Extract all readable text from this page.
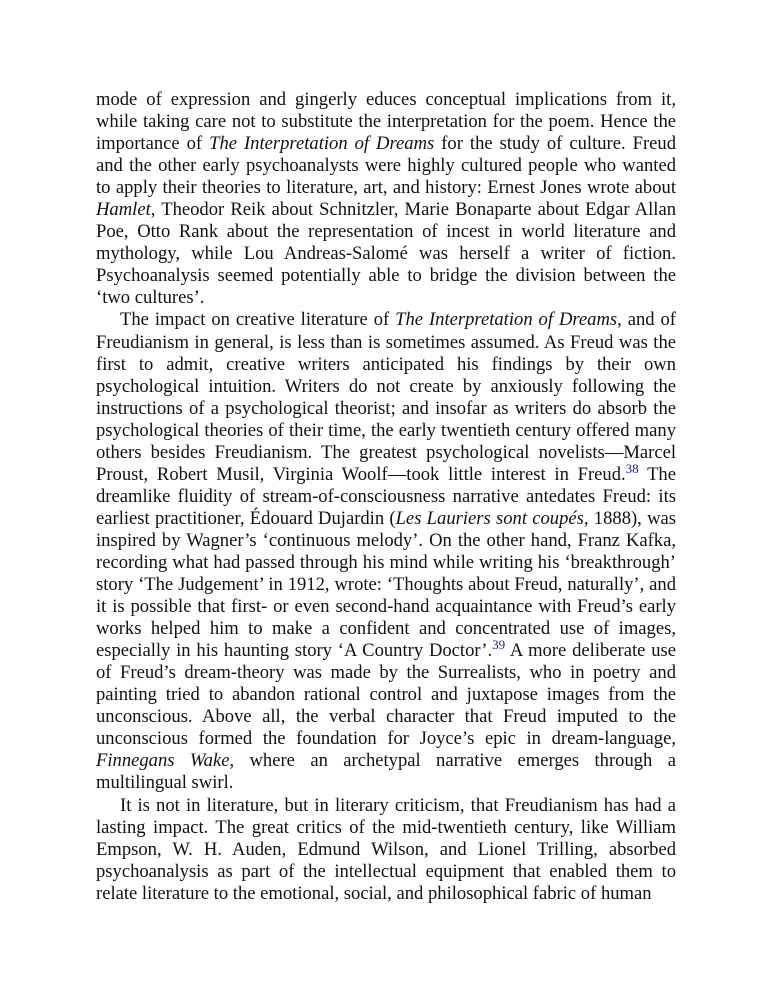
mode of expression and gingerly educes conceptual implications from it, while taking care not to substitute the interpretation for the poem. Hence the importance of The Interpretation of Dreams for the study of culture. Freud and the other early psychoanalysts were highly cultured people who wanted to apply their theories to literature, art, and history: Ernest Jones wrote about Hamlet, Theodor Reik about Schnitzler, Marie Bonaparte about Edgar Allan Poe, Otto Rank about the representation of incest in world literature and mythology, while Lou Andreas-Salomé was herself a writer of fiction. Psychoanalysis seemed potentially able to bridge the division between the ‘two cultures’.

The impact on creative literature of The Interpretation of Dreams, and of Freudianism in general, is less than is sometimes assumed. As Freud was the first to admit, creative writers anticipated his findings by their own psychological intuition. Writers do not create by anxiously following the instructions of a psychological theorist; and insofar as writers do absorb the psychological theories of their time, the early twentieth century offered many others besides Freudianism. The greatest psychological novelists—Marcel Proust, Robert Musil, Virginia Woolf—took little interest in Freud.$^{38}$ The dreamlike fluidity of stream-of-consciousness narrative antedates Freud: its earliest practitioner, Édouard Dujardin (Les Lauriers sont coupés, 1888), was inspired by Wagner’s ‘continuous melody’. On the other hand, Franz Kafka, recording what had passed through his mind while writing his ‘breakthrough’ story ‘The Judgement’ in 1912, wrote: ‘Thoughts about Freud, naturally’, and it is possible that first- or even second-hand acquaintance with Freud’s early works helped him to make a confident and concentrated use of images, especially in his haunting story ‘A Country Doctor’.$^{39}$ A more deliberate use of Freud’s dream-theory was made by the Surrealists, who in poetry and painting tried to abandon rational control and juxtapose images from the unconscious. Above all, the verbal character that Freud imputed to the unconscious formed the foundation for Joyce’s epic in dream-language, Finnegans Wake, where an archetypal narrative emerges through a multilingual swirl.

It is not in literature, but in literary criticism, that Freudianism has had a lasting impact. The great critics of the mid-twentieth century, like William Empson, W. H. Auden, Edmund Wilson, and Lionel Trilling, absorbed psychoanalysis as part of the intellectual equipment that enabled them to relate literature to the emotional, social, and philosophical fabric of human
